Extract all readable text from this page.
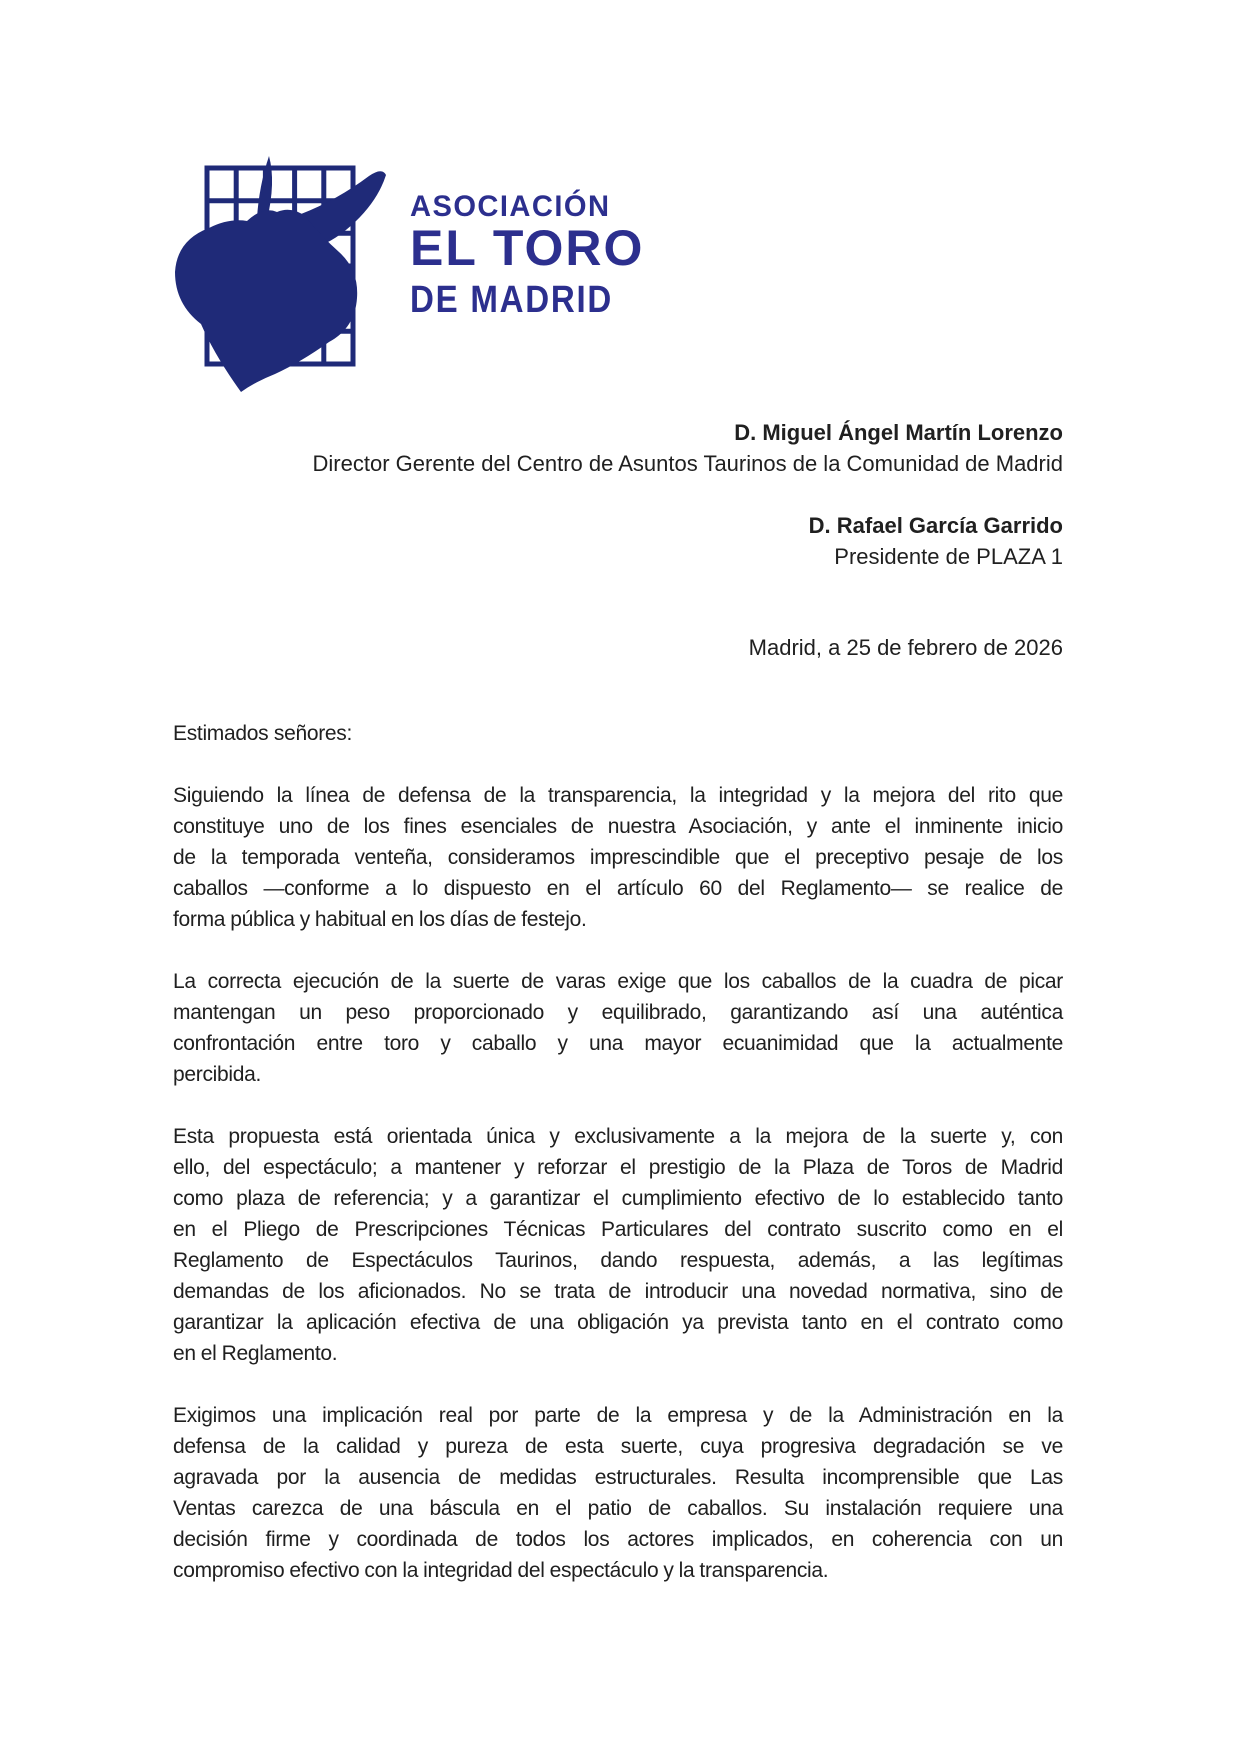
ASOCIACIÓN
EL TORO
DE MADRID
D. Miguel Ángel Martín Lorenzo
Director Gerente del Centro de Asuntos Taurinos de la Comunidad de Madrid
D. Rafael García Garrido
Presidente de PLAZA 1
Madrid, a 25 de febrero de 2026
Estimados señores:
Siguiendo la línea de defensa de la transparencia, la integridad y la mejora del rito que
constituye uno de los fines esenciales de nuestra Asociación, y ante el inminente inicio
de la temporada venteña, consideramos imprescindible que el preceptivo pesaje de los
caballos —conforme a lo dispuesto en el artículo 60 del Reglamento— se realice de
forma pública y habitual en los días de festejo.
La correcta ejecución de la suerte de varas exige que los caballos de la cuadra de picar
mantengan un peso proporcionado y equilibrado, garantizando así una auténtica
confrontación entre toro y caballo y una mayor ecuanimidad que la actualmente
percibida.
Esta propuesta está orientada única y exclusivamente a la mejora de la suerte y, con
ello, del espectáculo; a mantener y reforzar el prestigio de la Plaza de Toros de Madrid
como plaza de referencia; y a garantizar el cumplimiento efectivo de lo establecido tanto
en el Pliego de Prescripciones Técnicas Particulares del contrato suscrito como en el
Reglamento de Espectáculos Taurinos, dando respuesta, además, a las legítimas
demandas de los aficionados. No se trata de introducir una novedad normativa, sino de
garantizar la aplicación efectiva de una obligación ya prevista tanto en el contrato como
en el Reglamento.
Exigimos una implicación real por parte de la empresa y de la Administración en la
defensa de la calidad y pureza de esta suerte, cuya progresiva degradación se ve
agravada por la ausencia de medidas estructurales. Resulta incomprensible que Las
Ventas carezca de una báscula en el patio de caballos. Su instalación requiere una
decisión firme y coordinada de todos los actores implicados, en coherencia con un
compromiso efectivo con la integridad del espectáculo y la transparencia.
